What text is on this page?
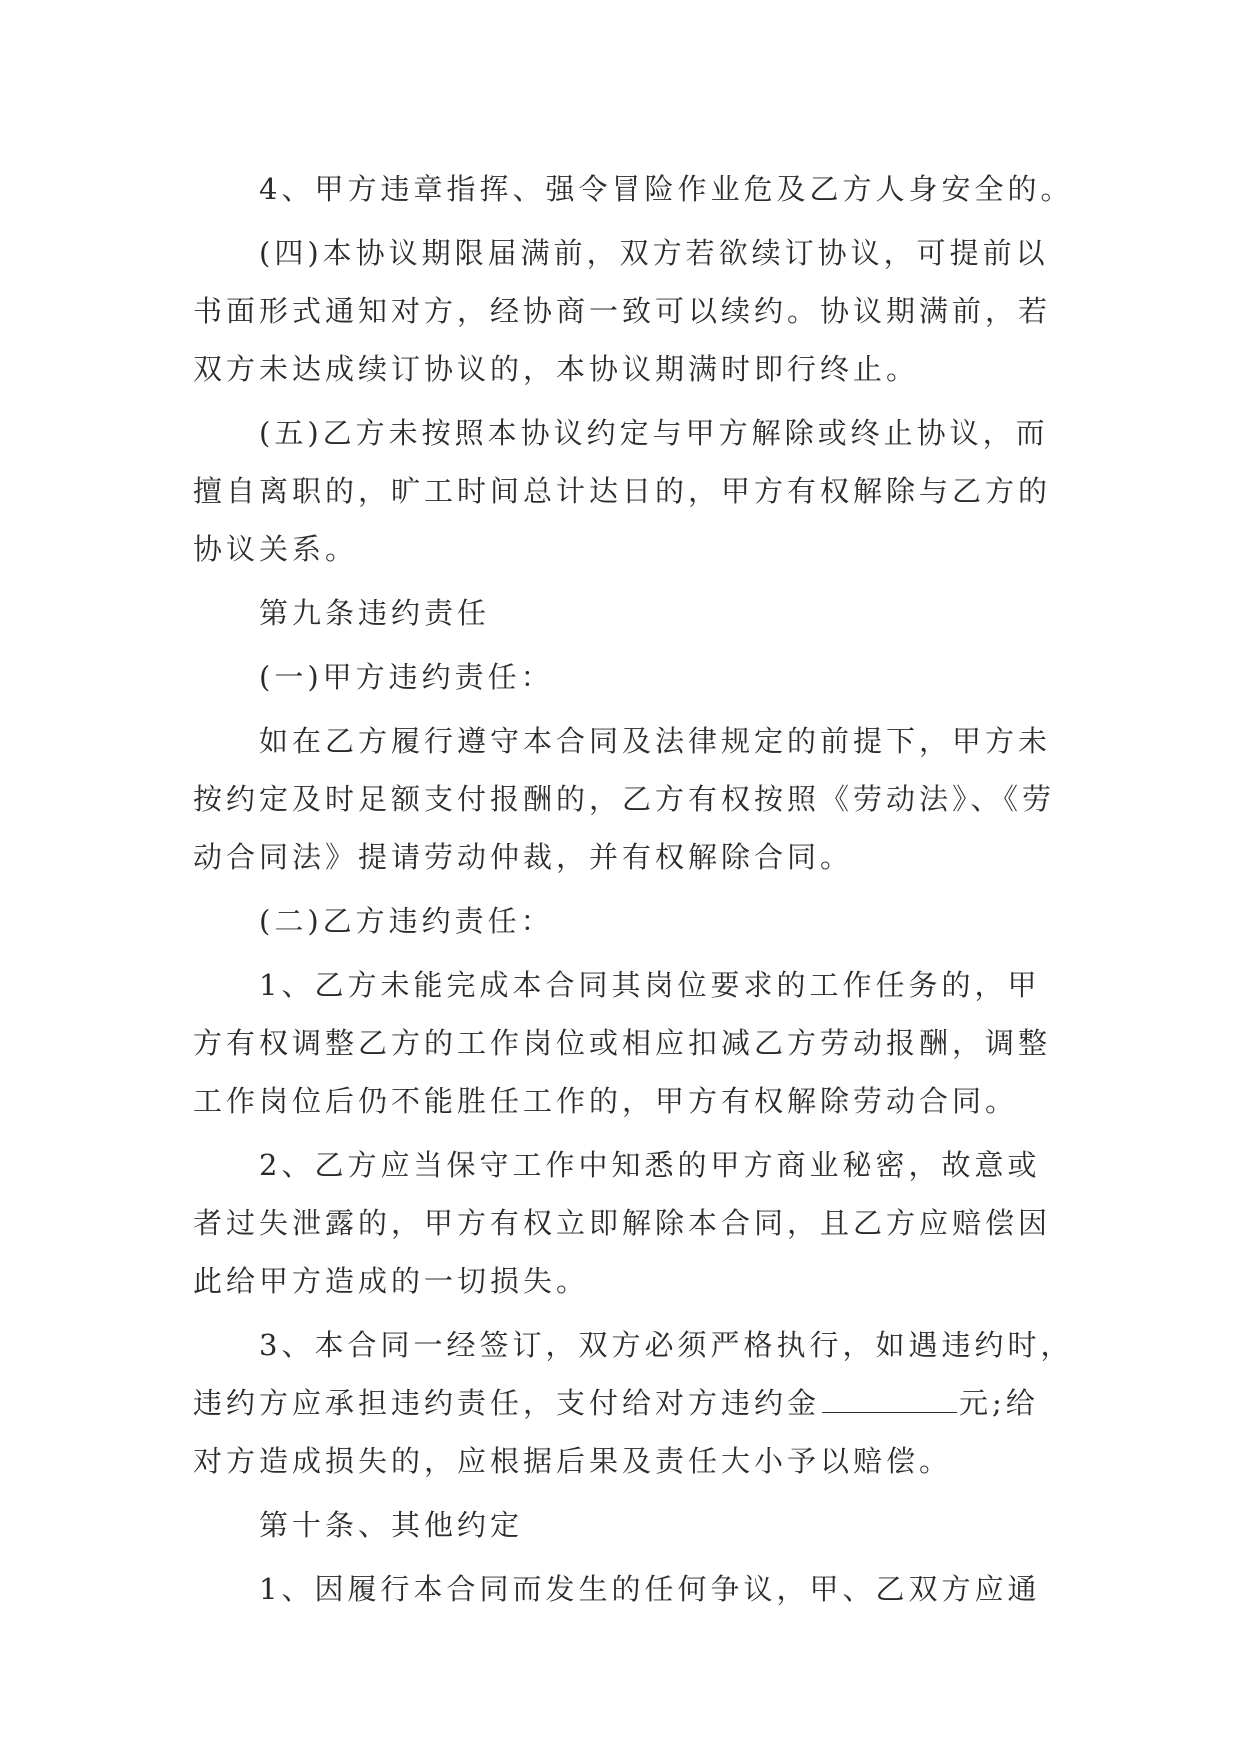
4、甲方违章指挥、强令冒险作业危及乙方人身安全的。

(四)本协议期限届满前，双方若欲续订协议，可提前以
书面形式通知对方，经协商一致可以续约。协议期满前，若
双方未达成续订协议的，本协议期满时即行终止。

(五)乙方未按照本协议约定与甲方解除或终止协议，而
擅自离职的，旷工时间总计达日的，甲方有权解除与乙方的
协议关系。

第九条违约责任

(一)甲方违约责任：

如在乙方履行遵守本合同及法律规定的前提下，甲方未
按约定及时足额支付报酬的，乙方有权按照《劳动法》、《劳
动合同法》提请劳动仲裁，并有权解除合同。

(二)乙方违约责任：

1、乙方未能完成本合同其岗位要求的工作任务的，甲
方有权调整乙方的工作岗位或相应扣减乙方劳动报酬，调整
工作岗位后仍不能胜任工作的，甲方有权解除劳动合同。

2、乙方应当保守工作中知悉的甲方商业秘密，故意或
者过失泄露的，甲方有权立即解除本合同，且乙方应赔偿因
此给甲方造成的一切损失。

3、本合同一经签订，双方必须严格执行，如遇违约时，
违约方应承担违约责任，支付给对方违约金	元;给
对方造成损失的，应根据后果及责任大小予以赔偿。

第十条、其他约定

1、因履行本合同而发生的任何争议，甲、乙双方应通
